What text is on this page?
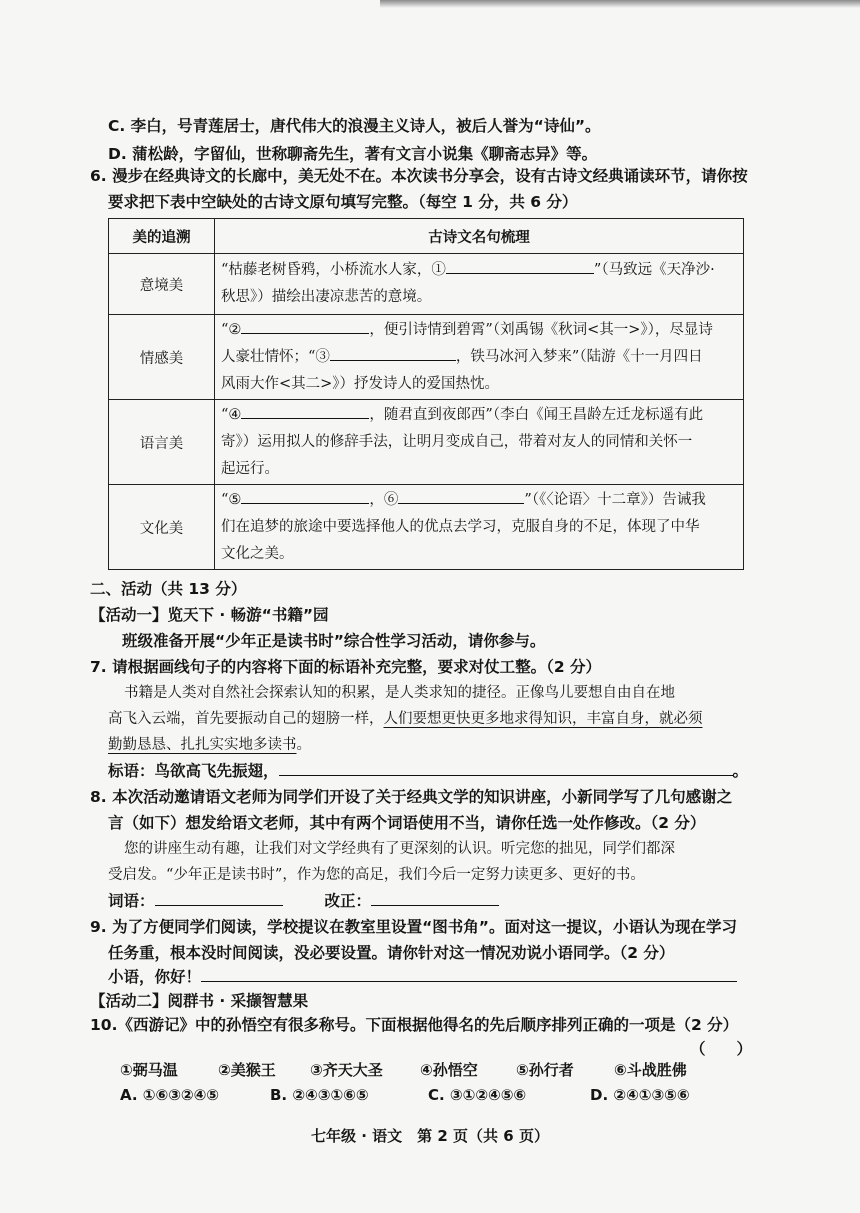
C. 李白，号青莲居士，唐代伟大的浪漫主义诗人，被后人誉为“诗仙”。
D. 蒲松龄，字留仙，世称聊斋先生，著有文言小说集《聊斋志异》等。
6. 漫步在经典诗文的长廊中，美无处不在。本次读书分享会，设有古诗文经典诵读环节，请你按
要求把下表中空缺处的古诗文原句填写完整。（每空 1 分，共 6 分）
美的追溯	古诗文名句梳理
意境美	“枯藤老树昏鸦，小桥流水人家，① ”（马致远《天净沙·
秋思》）描绘出凄凉悲苦的意境。

情感美	“② ，便引诗情到碧霄”（刘禹锡《秋词<其一>》），尽显诗
人豪壮情怀；“③ ，铁马冰河入梦来”（陆游《十一月四日
风雨大作<其二>》）抒发诗人的爱国热忱。

语言美	“④ ，随君直到夜郎西”（李白《闻王昌龄左迁龙标遥有此
寄》）运用拟人的修辞手法，让明月变成自己，带着对友人的同情和关怀一
起远行。

文化美	“⑤ ，⑥ ”（《〈论语〉十二章》）告诫我
们在追梦的旅途中要选择他人的优点去学习，克服自身的不足，体现了中华
文化之美。
二、活动（共 13 分）
【活动一】览天下 · 畅游“书籍”园
班级准备开展“少年正是读书时”综合性学习活动，请你参与。
7. 请根据画线句子的内容将下面的标语补充完整，要求对仗工整。（2 分）
书籍是人类对自然社会探索认知的积累，是人类求知的捷径。正像鸟儿要想自由自在地
高飞入云端，首先要振动自己的翅膀一样，人们要想更快更多地求得知识，丰富自身，就必须
勤勤恳恳、扎扎实实地多读书。
标语：鸟欲高飞先振翅，	。
8. 本次活动邀请语文老师为同学们开设了关于经典文学的知识讲座，小新同学写了几句感谢之
言（如下）想发给语文老师，其中有两个词语使用不当，请你任选一处作修改。（2 分）
您的讲座生动有趣，让我们对文学经典有了更深刻的认识。听完您的拙见，同学们都深
受启发。“少年正是读书时”，作为您的高足，我们今后一定努力读更多、更好的书。
词语：	改正：
9. 为了方便同学们阅读，学校提议在教室里设置“图书角”。面对这一提议，小语认为现在学习
任务重，根本没时间阅读，没必要设置。请你针对这一情况劝说小语同学。（2 分）
小语，你好！
【活动二】阅群书 · 采撷智慧果
10.《西游记》中的孙悟空有很多称号。下面根据他得名的先后顺序排列正确的一项是（2 分）
（　　）
①弼马温	②美猴王 ③齐天大圣 ④孙悟空	⑤孙行者	⑥斗战胜佛
A. ①⑥③②④⑤	B. ②④③①⑥⑤	C. ③①②④⑤⑥	D. ②④①③⑤⑥
七年级 · 语文　第 2 页（共 6 页）
